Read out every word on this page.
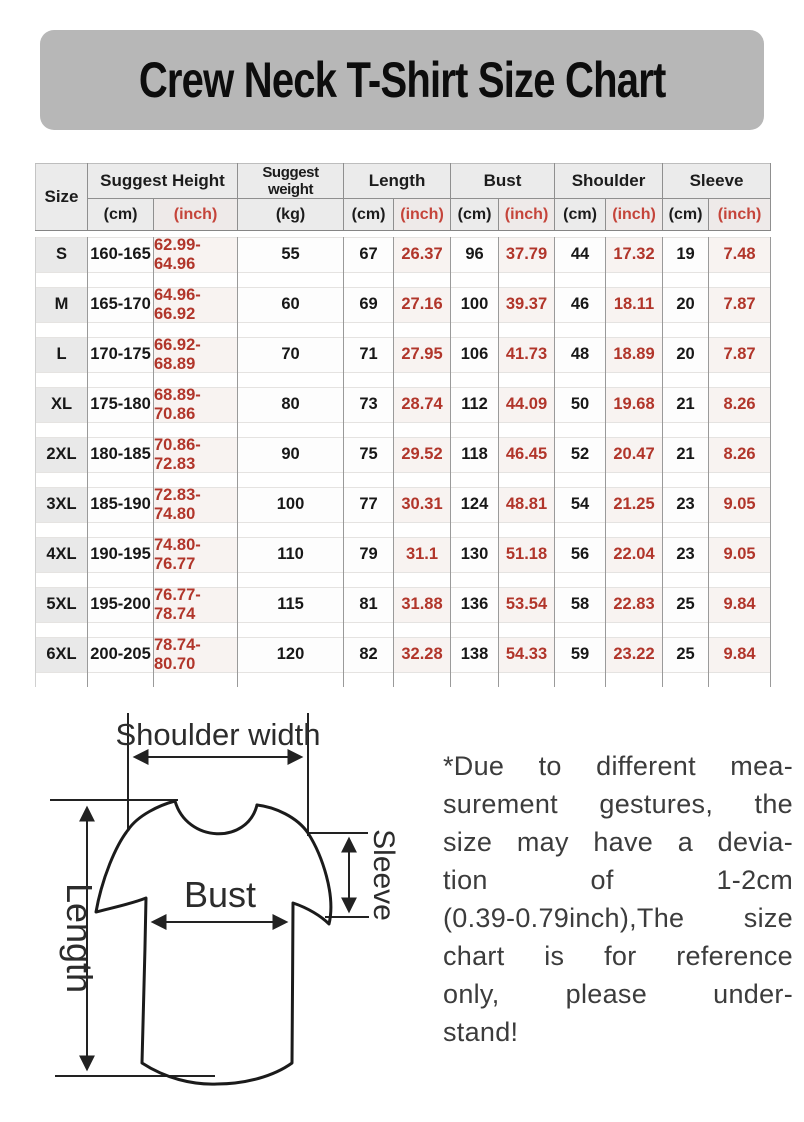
Crew Neck T-Shirt Size Chart
Size	Suggest Height		Suggest weight	Length		Bust		Shoulder		Sleeve	
	(cm)	(inch)	(kg)	(cm)	(inch)	(cm)	(inch)	(cm)	(inch)	(cm)	(inch)

S	160-165	62.99-64.96	55	67	26.37	96	37.79	44	17.32	19	7.48

M	165-170	64.96-66.92	60	69	27.16	100	39.37	46	18.11	20	7.87

L	170-175	66.92-68.89	70	71	27.95	106	41.73	48	18.89	20	7.87

XL	175-180	68.89-70.86	80	73	28.74	112	44.09	50	19.68	21	8.26

2XL	180-185	70.86-72.83	90	75	29.52	118	46.45	52	20.47	21	8.26

3XL	185-190	72.83-74.80	100	77	30.31	124	48.81	54	21.25	23	9.05

4XL	190-195	74.80-76.77	110	79	31.1	130	51.18	56	22.04	23	9.05

5XL	195-200	76.77-78.74	115	81	31.88	136	53.54	58	22.83	25	9.84

6XL	200-205	78.74-80.70	120	82	32.28	138	54.33	59	23.22	25	9.84
Shoulder width
Length Bust	Sleeve
*Due to different mea-
surement gestures, the
size may have a devia-
tion of 1-2cm
(0.39-0.79inch),The size
chart is for reference
only, please under-
stand!
